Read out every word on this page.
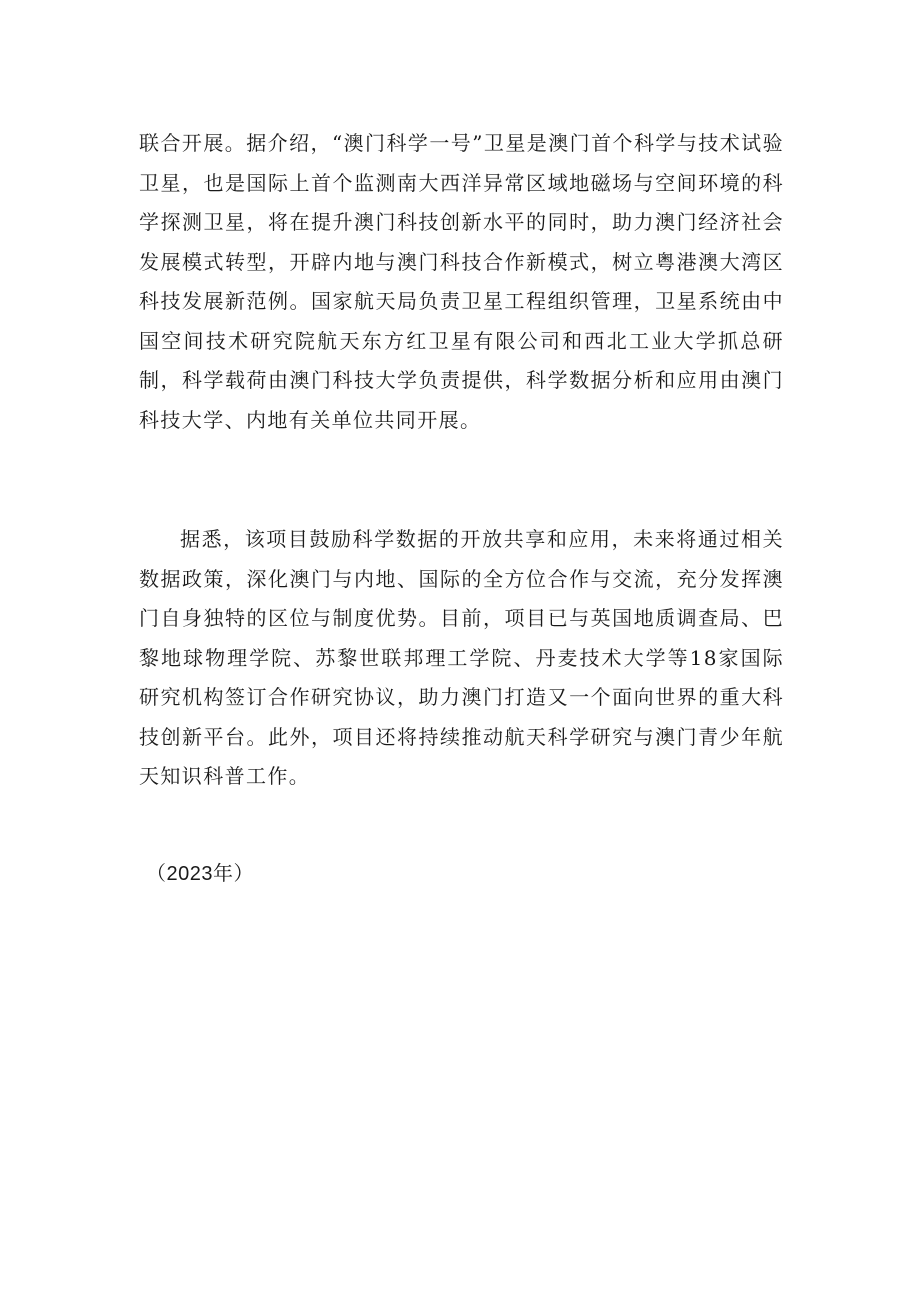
联合开展。据介绍，“澳门科学一号”卫星是澳门首个科学与技术试验卫星，也是国际上首个监测南大西洋异常区域地磁场与空间环境的科学探测卫星，将在提升澳门科技创新水平的同时，助力澳门经济社会发展模式转型，开辟内地与澳门科技合作新模式，树立粤港澳大湾区科技发展新范例。国家航天局负责卫星工程组织管理，卫星系统由中国空间技术研究院航天东方红卫星有限公司和西北工业大学抓总研制，科学载荷由澳门科技大学负责提供，科学数据分析和应用由澳门科技大学、内地有关单位共同开展。

据悉，该项目鼓励科学数据的开放共享和应用，未来将通过相关数据政策，深化澳门与内地、国际的全方位合作与交流，充分发挥澳门自身独特的区位与制度优势。目前，项目已与英国地质调查局、巴黎地球物理学院、苏黎世联邦理工学院、丹麦技术大学等18家国际研究机构签订合作研究协议，助力澳门打造又一个面向世界的重大科技创新平台。此外，项目还将持续推动航天科学研究与澳门青少年航天知识科普工作。

（2023年）
